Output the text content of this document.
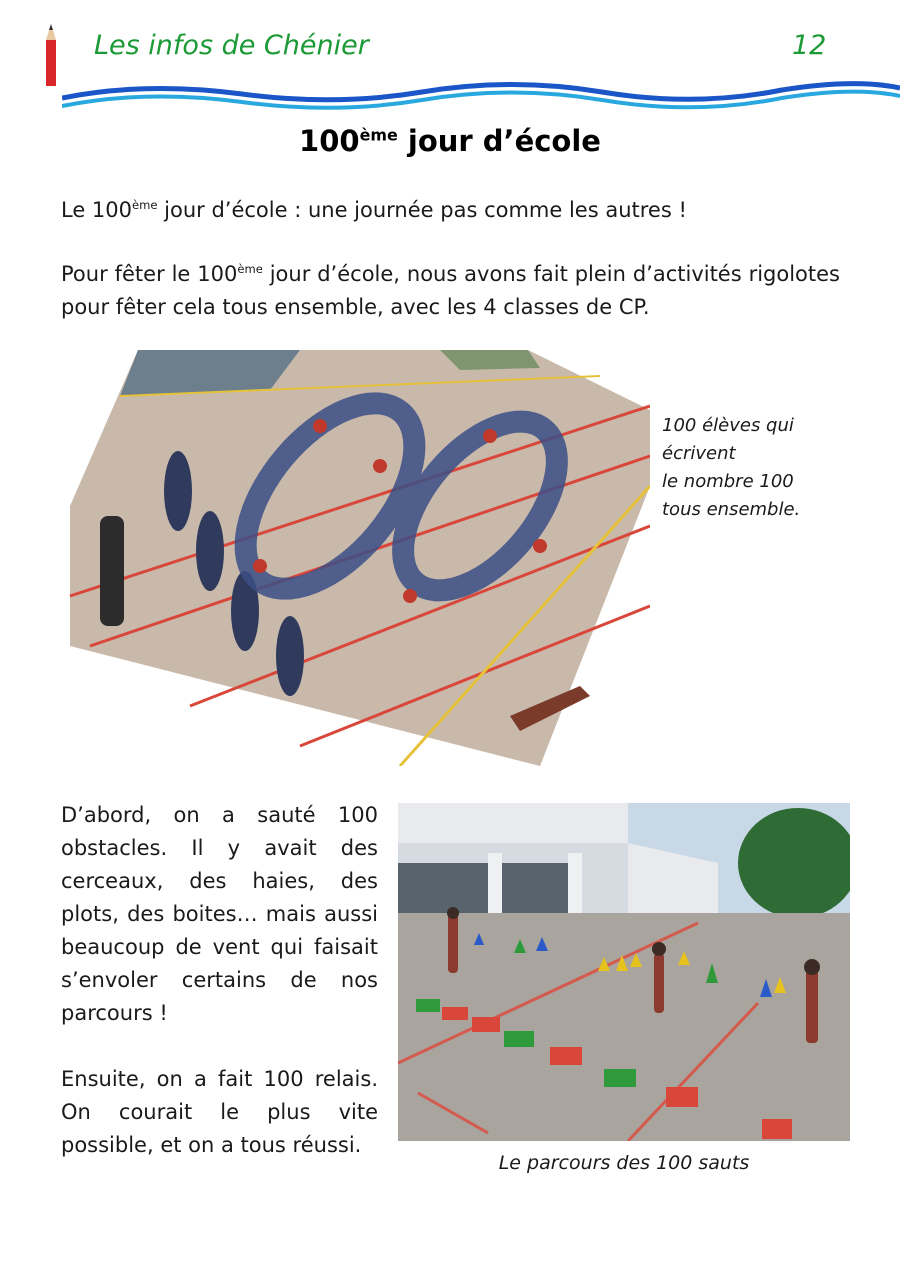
Les infos de Chénier	12
100ème jour d’école
Le 100ème jour d’école : une journée pas comme les autres !
Pour fêter le 100ème jour d’école, nous avons fait plein d’activités rigolotes pour fêter cela tous ensemble, avec les 4 classes de CP.
100 élèves qui
écrivent
le nombre 100
tous ensemble.
D’abord, on a sauté 100 obstacles. Il y avait des cerceaux, des haies, des plots, des boites… mais aussi beaucoup de vent qui faisait s’envoler certains de nos parcours !
Ensuite, on a fait 100 relais. On courait le plus vite possible, et on a tous réussi.
Le parcours des 100 sauts
